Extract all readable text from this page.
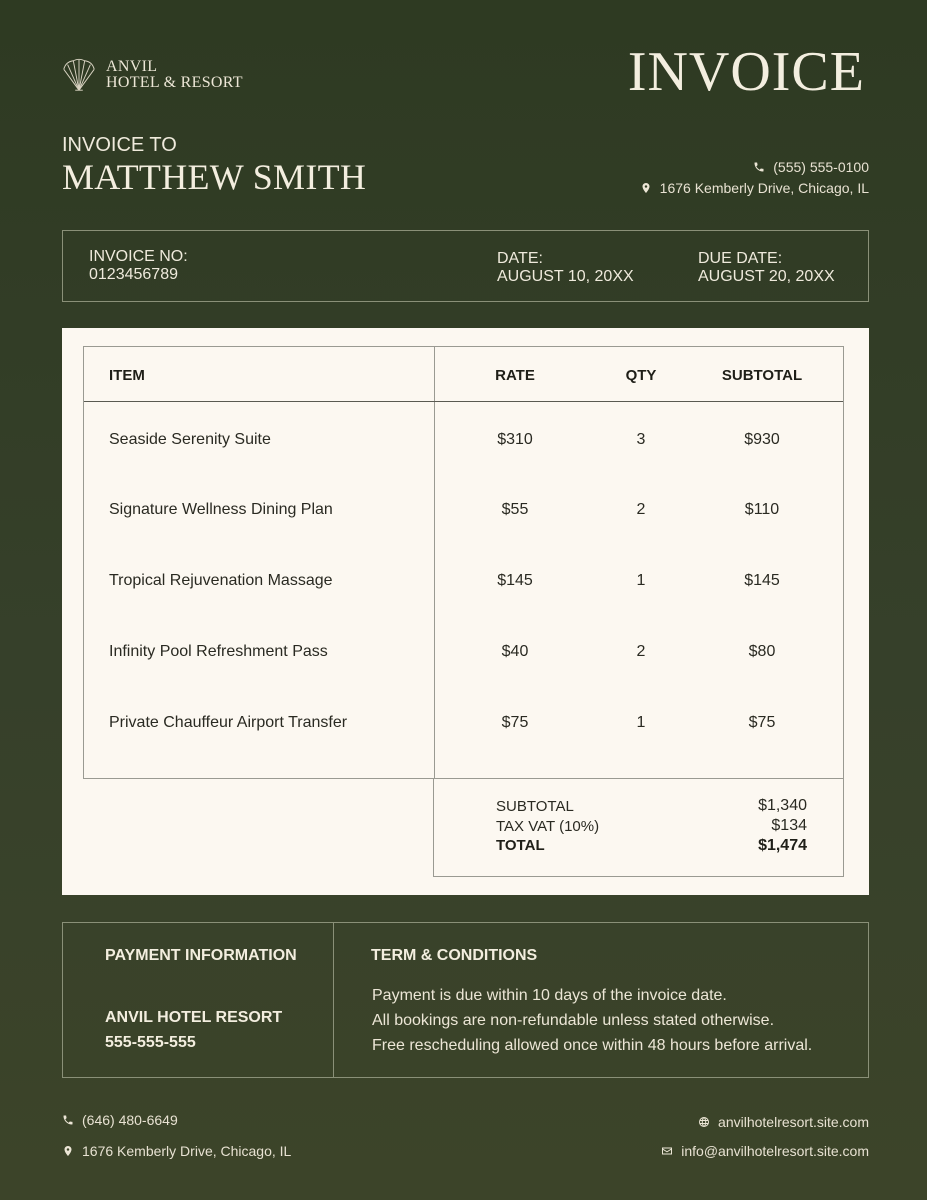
ANVIL
HOTEL & RESORT	INVOICE
INVOICE TO
MATTHEW SMITH	(555) 555-0100
1676 Kemberly Drive, Chicago, IL
INVOICE NO:
0123456789
DATE:
AUGUST 10, 20XX
DUE DATE:
AUGUST 20, 20XX
ITEM	RATE	QTY	SUBTOTAL
Seaside Serenity Suite	$310	3	$930
Signature Wellness Dining Plan	$55	2	$110
Tropical Rejuvenation Massage	$145	1	$145
Infinity Pool Refreshment Pass	$40	2	$80
Private Chauffeur Airport Transfer	$75	1	$75
SUBTOTAL	$1,340
TAX VAT (10%)	$134
TOTAL	$1,474
PAYMENT INFORMATION
ANVIL HOTEL RESORT
555-555-555
TERM & CONDITIONS
Payment is due within 10 days of the invoice date.
All bookings are non-refundable unless stated otherwise.
Free rescheduling allowed once within 48 hours before arrival.
(646) 480-6649
1676 Kemberly Drive, Chicago, IL
anvilhotelresort.site.com
info@anvilhotelresort.site.com
